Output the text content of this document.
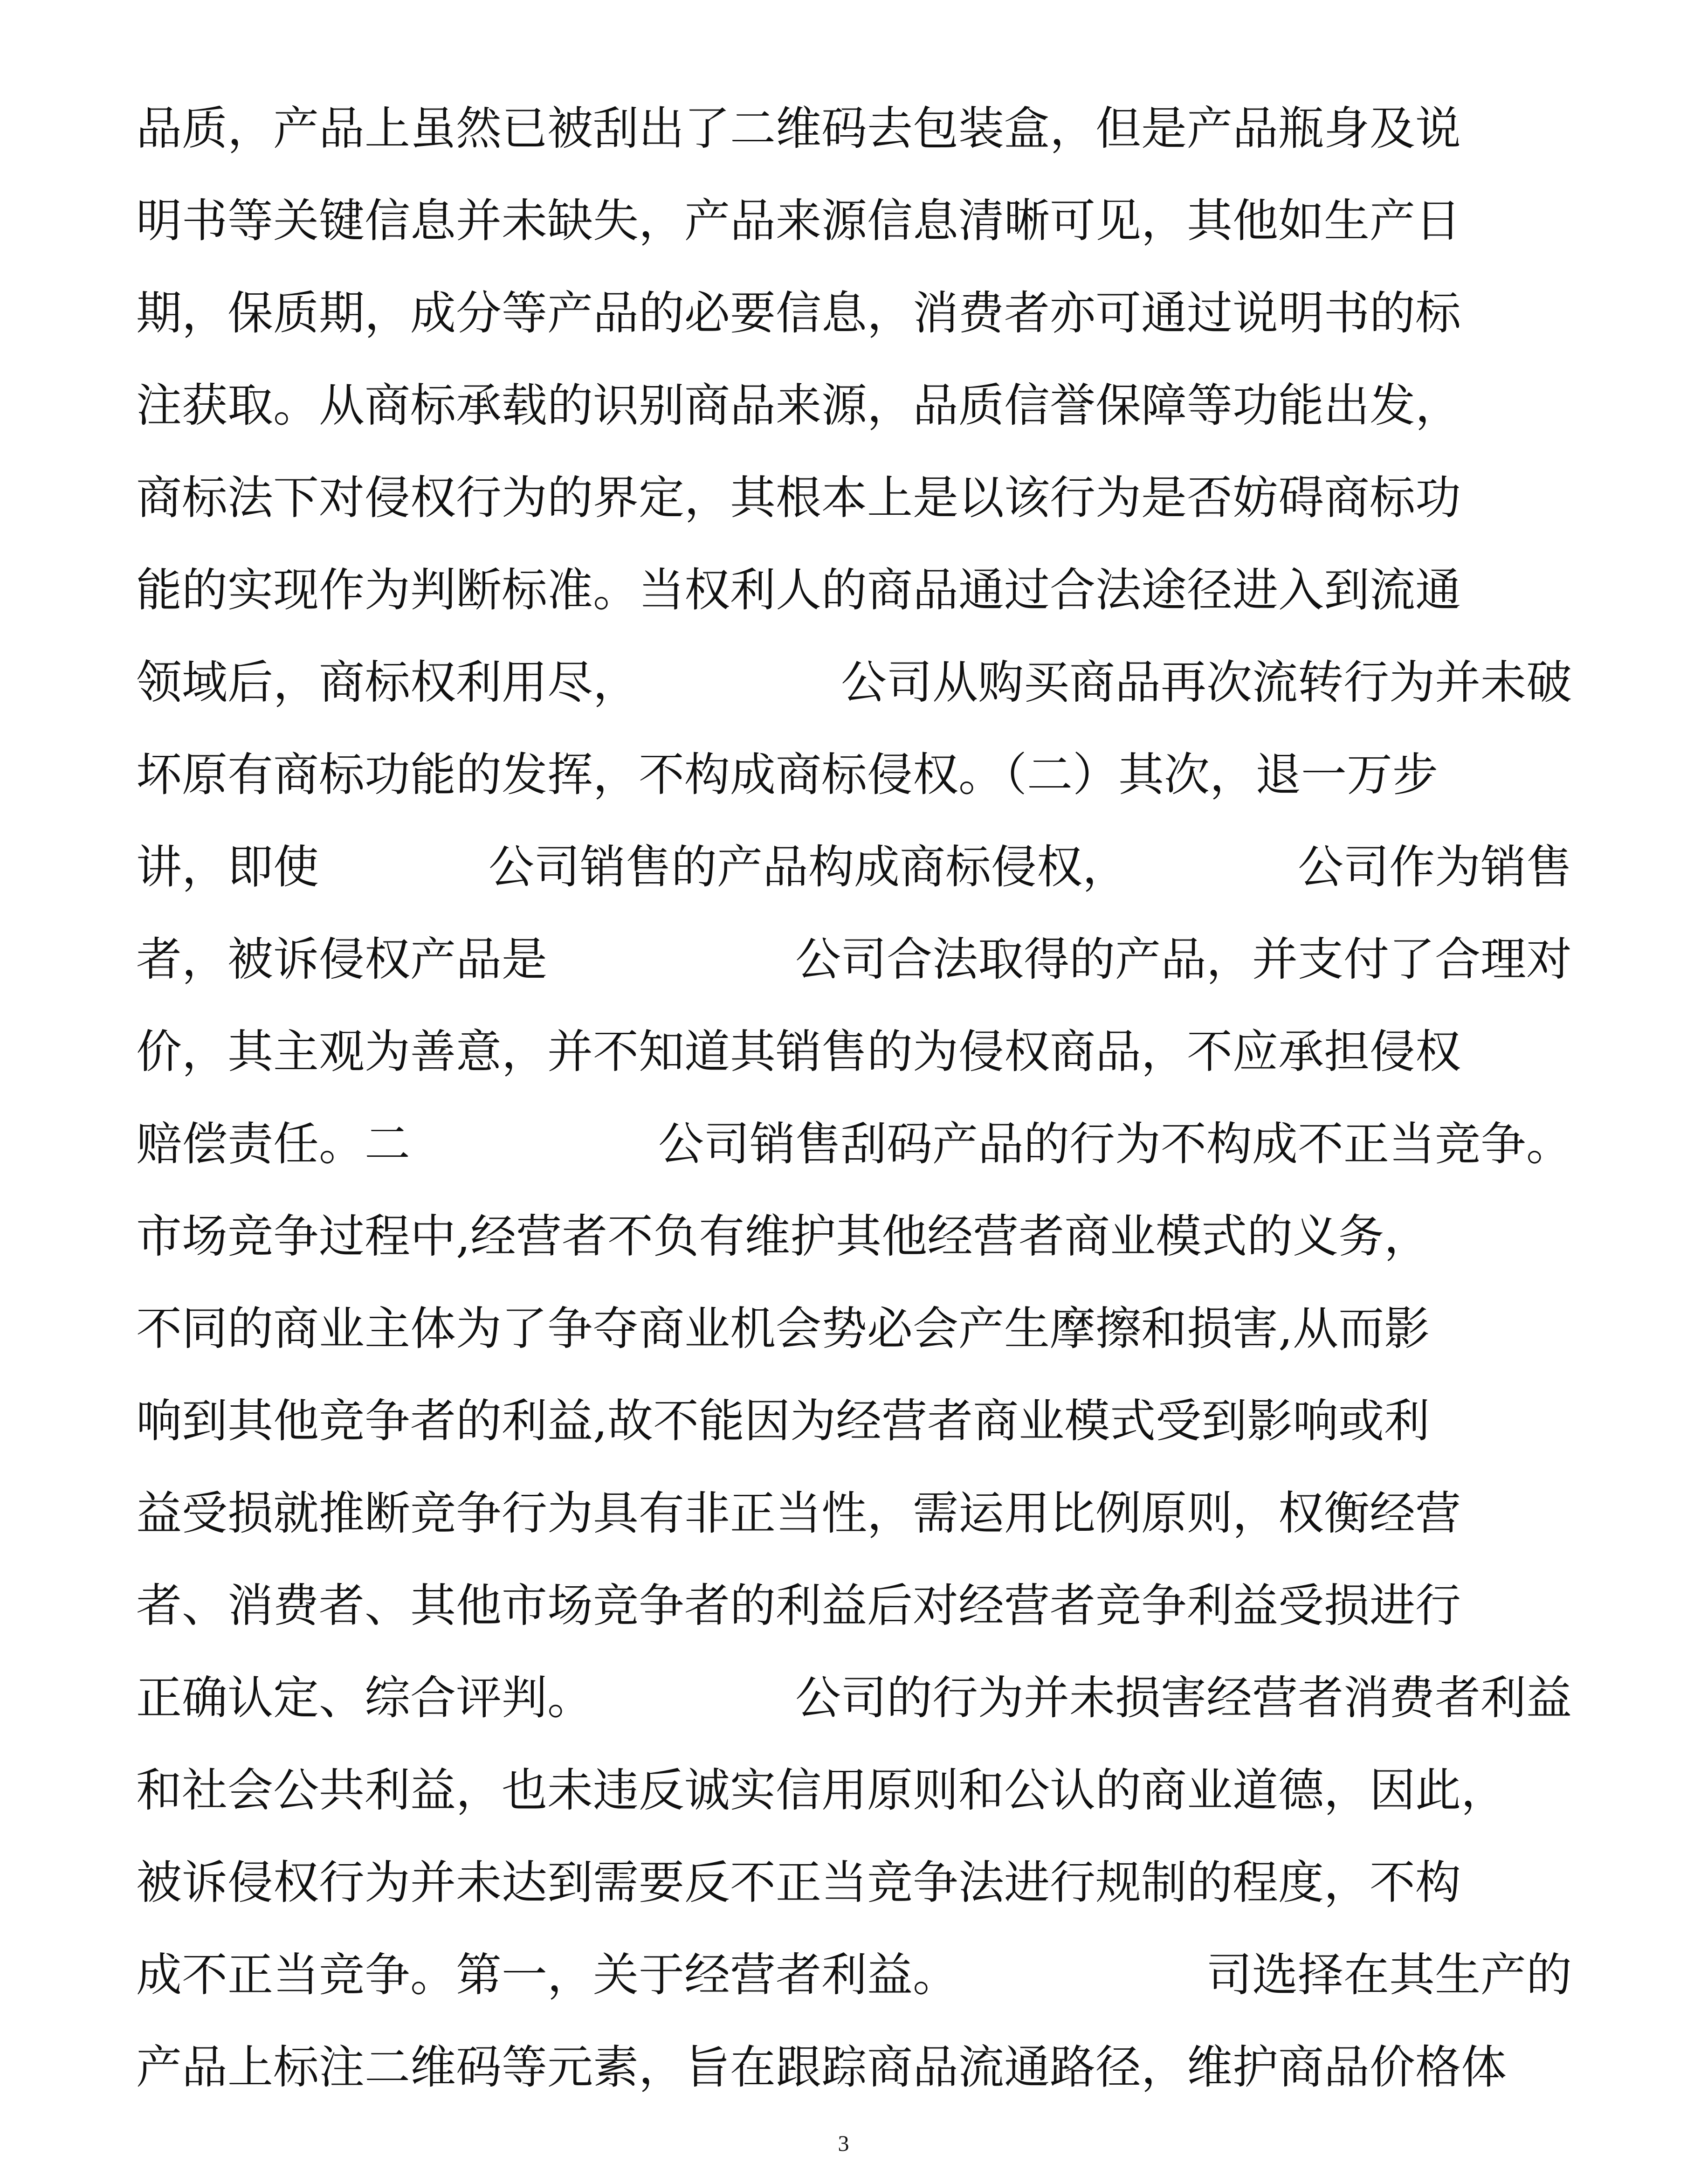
品质，产品上虽然已被刮出了二维码去包装盒，但是产品瓶身及说
明书等关键信息并未缺失，产品来源信息清晰可见，其他如生产日
期，保质期，成分等产品的必要信息，消费者亦可通过说明书的标
注获取。从商标承载的识别商品来源，品质信誉保障等功能出发，
商标法下对侵权行为的界定，其根本上是以该行为是否妨碍商标功
能的实现作为判断标准。当权利人的商品通过合法途径进入到流通
领域后，商标权利用尽，	公司从购买商品再次流转行为并未破
坏原有商标功能的发挥，不构成商标侵权。（二）其次，退一万步
讲，即使	公司销售的产品构成商标侵权，	公司作为销售
者，被诉侵权产品是	公司合法取得的产品，并支付了合理对
价，其主观为善意，并不知道其销售的为侵权商品，不应承担侵权
赔偿责任。二	公司销售刮码产品的行为不构成不正当竞争。
市场竞争过程中,经营者不负有维护其他经营者商业模式的义务，
不同的商业主体为了争夺商业机会势必会产生摩擦和损害,从而影
响到其他竞争者的利益,故不能因为经营者商业模式受到影响或利
益受损就推断竞争行为具有非正当性，需运用比例原则，权衡经营
者、消费者、其他市场竞争者的利益后对经营者竞争利益受损进行
正确认定、综合评判。	公司的行为并未损害经营者消费者利益
和社会公共利益，也未违反诚实信用原则和公认的商业道德，因此，
被诉侵权行为并未达到需要反不正当竞争法进行规制的程度，不构
成不正当竞争。第一，关于经营者利益。	司选择在其生产的
产品上标注二维码等元素，旨在跟踪商品流通路径，维护商品价格体
3
